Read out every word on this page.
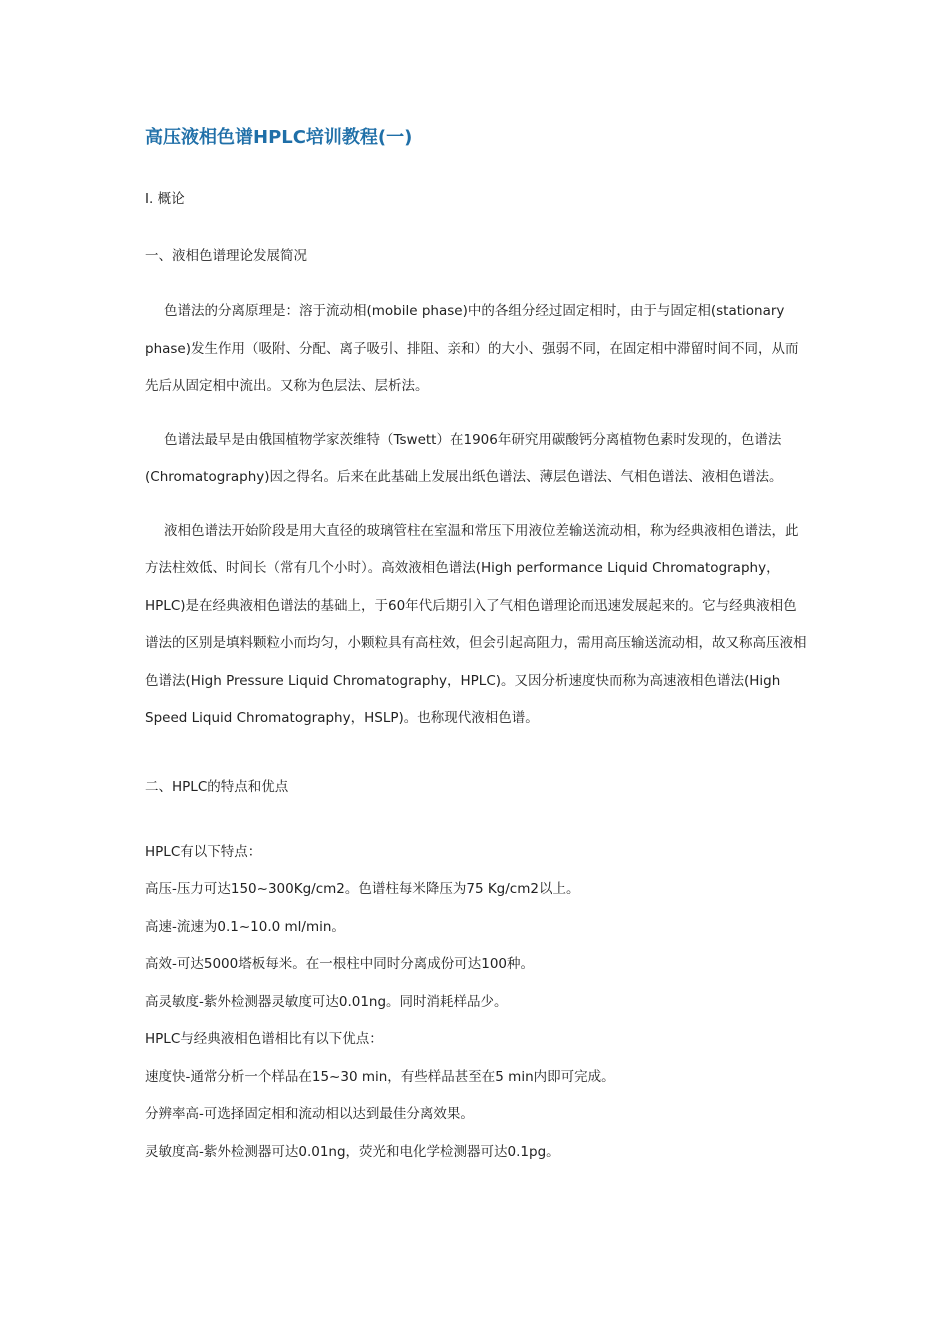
高压液相色谱HPLC培训教程(一)

I. 概论

一、液相色谱理论发展简况

色谱法的分离原理是：溶于流动相(mobile phase)中的各组分经过固定相时，由于与固定相(stationary phase)发生作用（吸附、分配、离子吸引、排阻、亲和）的大小、强弱不同，在固定相中滞留时间不同，从而先后从固定相中流出。又称为色层法、层析法。

色谱法最早是由俄国植物学家茨维特（Tswett）在1906年研究用碳酸钙分离植物色素时发现的，色谱法(Chromatography)因之得名。后来在此基础上发展出纸色谱法、薄层色谱法、气相色谱法、液相色谱法。

液相色谱法开始阶段是用大直径的玻璃管柱在室温和常压下用液位差输送流动相，称为经典液相色谱法，此方法柱效低、时间长（常有几个小时）。高效液相色谱法(High performance Liquid Chromatography，HPLC)是在经典液相色谱法的基础上，于60年代后期引入了气相色谱理论而迅速发展起来的。它与经典液相色谱法的区别是填料颗粒小而均匀，小颗粒具有高柱效，但会引起高阻力，需用高压输送流动相，故又称高压液相色谱法(High Pressure Liquid Chromatography，HPLC)。又因分析速度快而称为高速液相色谱法(High Speed Liquid Chromatography，HSLP)。也称现代液相色谱。

二、HPLC的特点和优点

HPLC有以下特点：
高压-压力可达150~300Kg/cm2。色谱柱每米降压为75 Kg/cm2以上。
高速-流速为0.1~10.0 ml/min。
高效-可达5000塔板每米。在一根柱中同时分离成份可达100种。
高灵敏度-紫外检测器灵敏度可达0.01ng。同时消耗样品少。
HPLC与经典液相色谱相比有以下优点：
速度快-通常分析一个样品在15~30 min，有些样品甚至在5 min内即可完成。
分辨率高-可选择固定相和流动相以达到最佳分离效果。
灵敏度高-紫外检测器可达0.01ng，荧光和电化学检测器可达0.1pg。
